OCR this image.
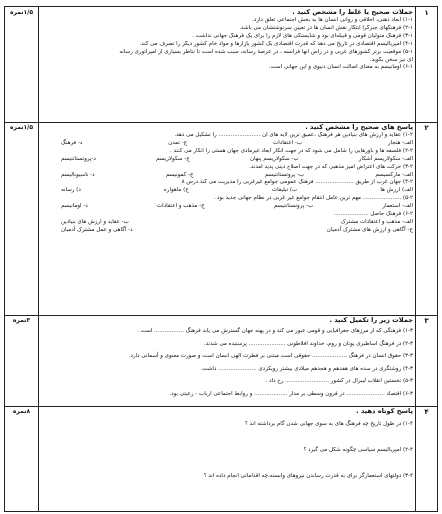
۱
۱/۵نمره	جملات صحیح یا غلط را مشخص کنید .
۱-۱) ابعاد ذهنی، اخلاقی و روانی انسان ها به بخش اجتماعی تعلق دارد.
۲-۱) فرهنگهای جبرگرا ابتکار نقش انسان ها در تعیین سرنوشتشان می باشد.
۳-۱) فرهنگ متولیان قومی و قبیله‌ای بود و شایستگی های لازم را برای یک فرهنگ جهانی نداشت .
۴-۱) امپریالیسم اقتصادی در تاریخ می دهد که قدرت اقتصادی یک کشور بازارها و مواد خام کشور دیگر را تصرف می کند.
۵-۱) موقعیت برتر کشورهای غربی و در رأس آنها فرانسه ، در عرصهٔ رسانه، سبب شده است تا تناظر بسیاری از امپراتوری رسانه
ای نیز سخن بگوید.
۶-۱) اومانیسم به معنای اصالت انسان دنیوی و این جهانی است.
۲
۱/۵نمره	پاسخ های صحیح را مشخص کنید .
۱-۲) عقاید و ارزش های بنیادین هر فرهنگ ،عمیق ترین لایه های آن ........................ را تشکیل می دهد.
الف- هنجار
ب- اعتقادات
ج- تمدن
د- فرهنگ
۲-۲) فلسفه ها و باورهایی را شامل می شود که در جهت انکار ابعاد غیرمادی جهان هستی را انکار می کنند .
الف- سکولاریسم آشکار
ب- سکولاریسم پنهان
ج- سکولاریسم
د-پروتستانتیسم
۳-۲) حرکت های اعتراض آمیز مذهبی که در جهت اصلاح دینی پدید آمدند.
الف- مارکسیسم
ب- پروتستانتیسم
ج- کمونیسم
د- ناسیونالیسم
۴-۲) جهان غرب از طریق ...................... فرهنگ عمومی جوامع غیرغربی را مدیریت می کند.درس ۸
الف) ارزش ها
ب) تبلیغات
ج) ماهواره
د) رسانه
۵-۲) ...................... مهم ترین عامل انتقام جوامع غیر غربی در نظام جهانی جدید بود .
الف- استعمار
ب- پروتستانتیسم
ج- مذهب و اعتقادات
د- اومانیسم
۶-۲) فرهنگ حاصل ....................
الف- مذهب و اعتقادات مشترک
ب- عقاید و ارزش های بنیادین
ج- آگاهی و ارزش های مشترک آدمیان
د- آگاهی و عمل مشترک آدمیان
۳
۳نمره	جملات زیر را تکمیل کنید .
۱-۳) فرهنگی که از مرزهای جغرافیایی و قومی عبور می کند و در پهنه جهان گسترش می یابد فرهنگ ................. است .
۲-۳) در فرهنگ اساطیری یونان و روم، خداوند افلاطونی ..................... پرستیده می شدند.
۳-۳) حقوق انسان در فرهنگ .................... حقوقی است مبتنی بر فطرت الهی انسان است و صورت معنوی و آسمانی دارد.
۴-۳) روشنگری در سده های هفدهم و هجدهم میلادی بیشتر رویکردی ...................... داشت.
۵-۳) نخستین انقلاب لیبرال در کشور ......................... رخ داد .
۶-۳) اقتصاد ...................... در قرون وسطی بر مدار ................... و روابط اجتماعی ارباب - رعیتی بود.
۴
۸نمره	پاسخ کوتاه دهید .
۱-۴) در طول تاریخ چه فرهنگ های به سوی جهانی شدن گام برداشته اند ؟
۲-۴) امپریالیسم سیاسی چگونه شکل می گیرد ؟
۳-۴) دولتهای استعمارگر برای به قدرت رساندن نیروهای وابسته،چه اقداماتی انجام داده اند ؟
